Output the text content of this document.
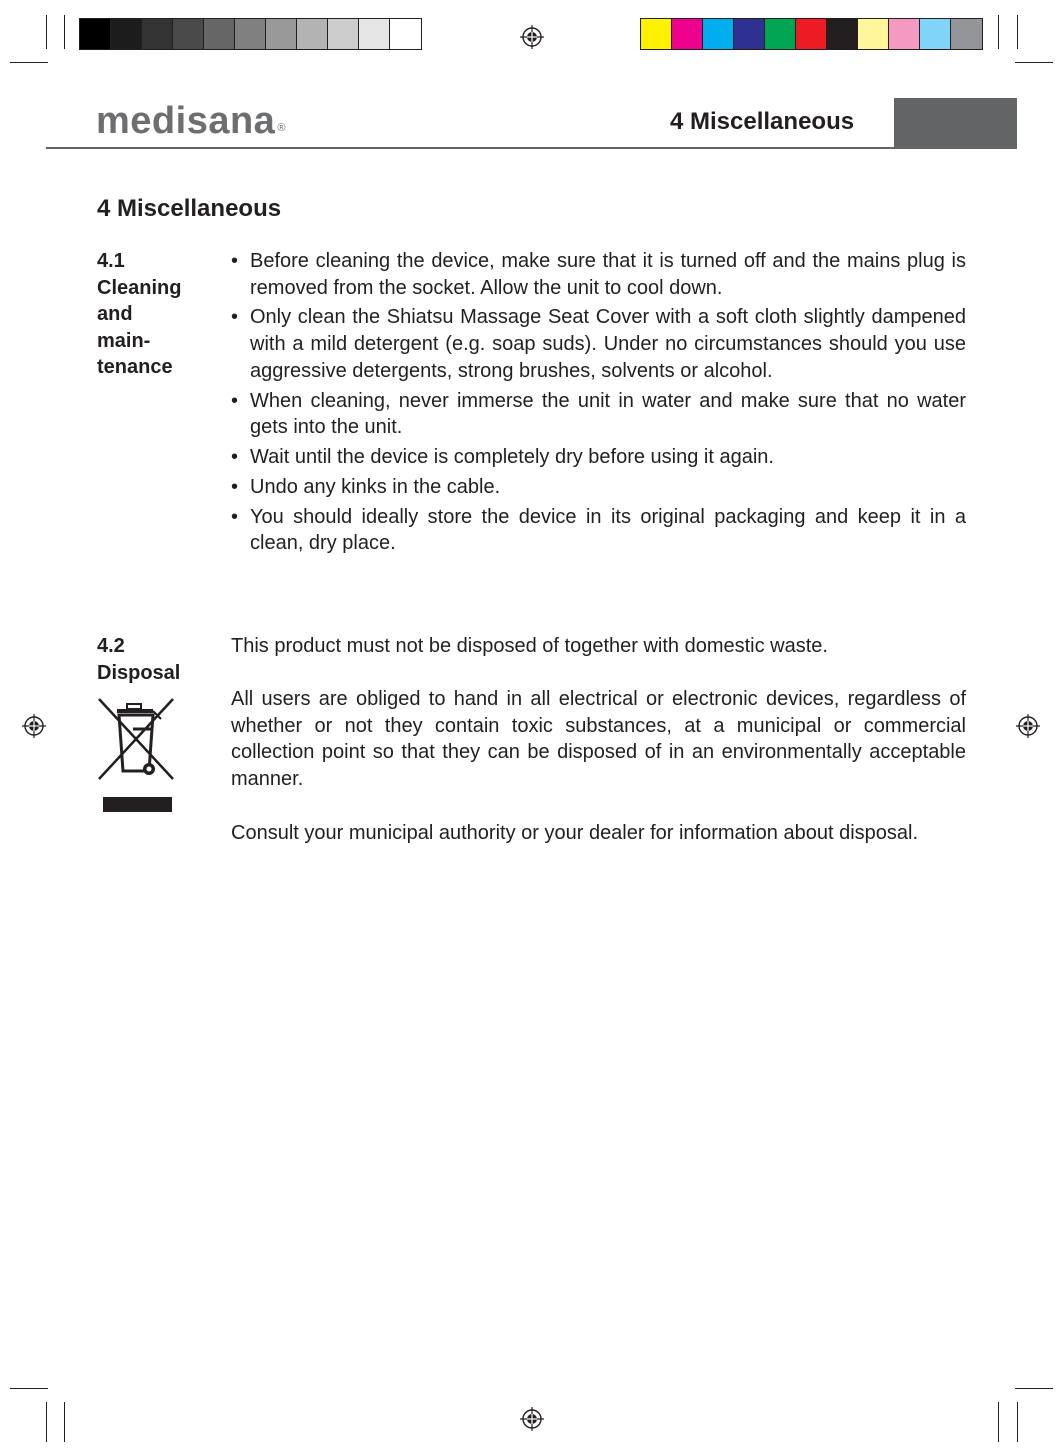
medisana ®	4 Miscellaneous
4 Miscellaneous
4.1
Cleaning
and
main-
tenance
• Before cleaning the device, make sure that it is turned off and the mains plug is removed from the socket. Allow the unit to cool down.
• Only clean the Shiatsu Massage Seat Cover with a soft cloth slightly dampened with a mild detergent (e.g. soap suds). Under no circumstances should you use aggressive detergents, strong brushes, solvents or alcohol.
• When cleaning, never immerse the unit in water and make sure that no water gets into the unit.
• Wait until the device is completely dry before using it again.
• Undo any kinks in the cable.
• You should ideally store the device in its original packaging and keep it in a clean, dry place.
4.2
Disposal

This product must not be disposed of together with domestic waste.

All users are obliged to hand in all electrical or electronic devices, regardless of whether or not they contain toxic substances, at a municipal or commercial collection point so that they can be disposed of in an environmentally acceptable manner.

Consult your municipal authority or your dealer for information about disposal.
